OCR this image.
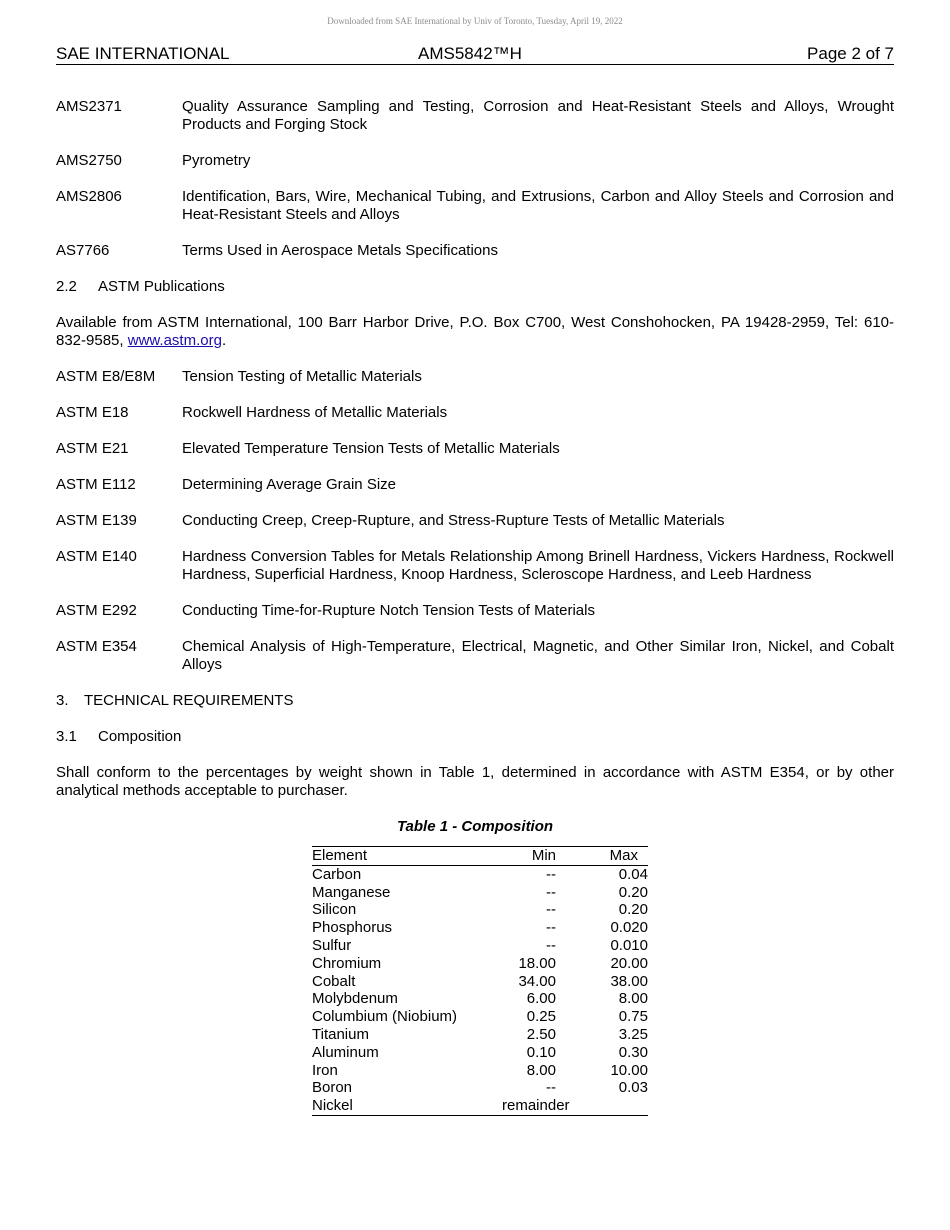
Downloaded from SAE International by Univ of Toronto, Tuesday, April 19, 2022
SAE INTERNATIONAL	AMS5842™H	Page 2 of 7
AMS2371	Quality Assurance Sampling and Testing, Corrosion and Heat-Resistant Steels and Alloys, Wrought Products and Forging Stock
AMS2750	Pyrometry
AMS2806	Identification, Bars, Wire, Mechanical Tubing, and Extrusions, Carbon and Alloy Steels and Corrosion and Heat-Resistant Steels and Alloys
AS7766	Terms Used in Aerospace Metals Specifications
2.2 ASTM Publications
Available from ASTM International, 100 Barr Harbor Drive, P.O. Box C700, West Conshohocken, PA 19428-2959, Tel: 610-832-9585, www.astm.org.
ASTM E8/E8M	Tension Testing of Metallic Materials
ASTM E18	Rockwell Hardness of Metallic Materials
ASTM E21	Elevated Temperature Tension Tests of Metallic Materials
ASTM E112	Determining Average Grain Size
ASTM E139	Conducting Creep, Creep-Rupture, and Stress-Rupture Tests of Metallic Materials
ASTM E140	Hardness Conversion Tables for Metals Relationship Among Brinell Hardness, Vickers Hardness, Rockwell Hardness, Superficial Hardness, Knoop Hardness, Scleroscope Hardness, and Leeb Hardness
ASTM E292	Conducting Time-for-Rupture Notch Tension Tests of Materials
ASTM E354	Chemical Analysis of High-Temperature, Electrical, Magnetic, and Other Similar Iron, Nickel, and Cobalt Alloys
3. TECHNICAL REQUIREMENTS
3.1 Composition
Shall conform to the percentages by weight shown in Table 1, determined in accordance with ASTM E354, or by other analytical methods acceptable to purchaser.
Table 1 - Composition
Element	Min	Max
Carbon	--	0.04
Manganese	--	0.20
Silicon	--	0.20
Phosphorus	--	0.020
Sulfur	--	0.010
Chromium	18.00	20.00
Cobalt	34.00	38.00
Molybdenum	6.00	8.00
Columbium (Niobium)	0.25	0.75
Titanium	2.50	3.25
Aluminum	0.10	0.30
Iron	8.00	10.00
Boron	--	0.03
Nickel	remainder	
